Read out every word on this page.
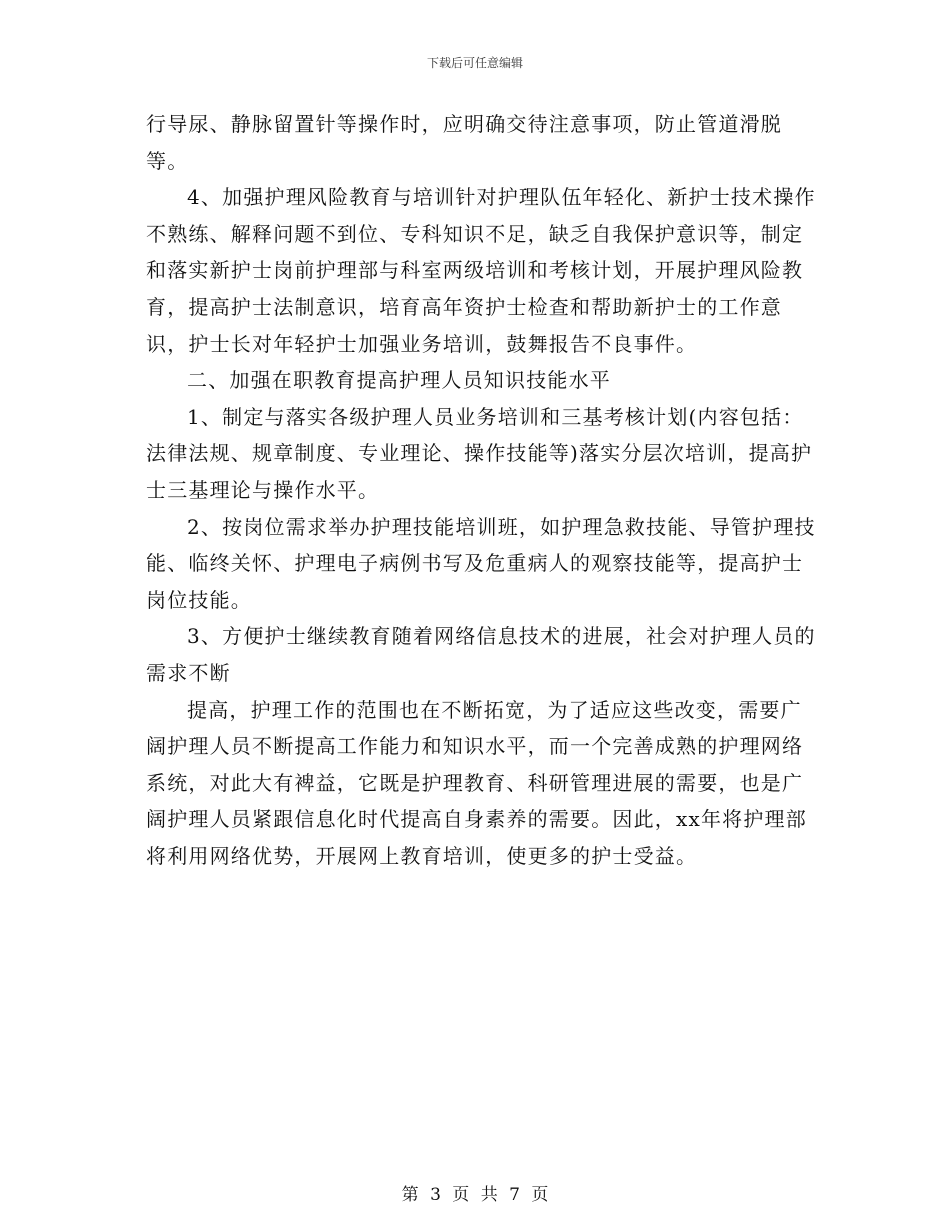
下载后可任意编辑

行导尿、静脉留置针等操作时，应明确交待注意事项，防止管道滑脱等。

4、加强护理风险教育与培训针对护理队伍年轻化、新护士技术操作不熟练、解释问题不到位、专科知识不足，缺乏自我保护意识等，制定和落实新护士岗前护理部与科室两级培训和考核计划，开展护理风险教育，提高护士法制意识，培育高年资护士检查和帮助新护士的工作意识，护士长对年轻护士加强业务培训，鼓舞报告不良事件。

二、加强在职教育提高护理人员知识技能水平

1、制定与落实各级护理人员业务培训和三基考核计划(内容包括：法律法规、规章制度、专业理论、操作技能等)落实分层次培训，提高护士三基理论与操作水平。

2、按岗位需求举办护理技能培训班，如护理急救技能、导管护理技能、临终关怀、护理电子病例书写及危重病人的观察技能等，提高护士岗位技能。

3、方便护士继续教育随着网络信息技术的进展，社会对护理人员的需求不断

提高，护理工作的范围也在不断拓宽，为了适应这些改变，需要广阔护理人员不断提高工作能力和知识水平，而一个完善成熟的护理网络系统，对此大有裨益，它既是护理教育、科研管理进展的需要，也是广阔护理人员紧跟信息化时代提高自身素养的需要。因此，xx年将护理部将利用网络优势，开展网上教育培训，使更多的护士受益。

第 3 页 共 7 页
